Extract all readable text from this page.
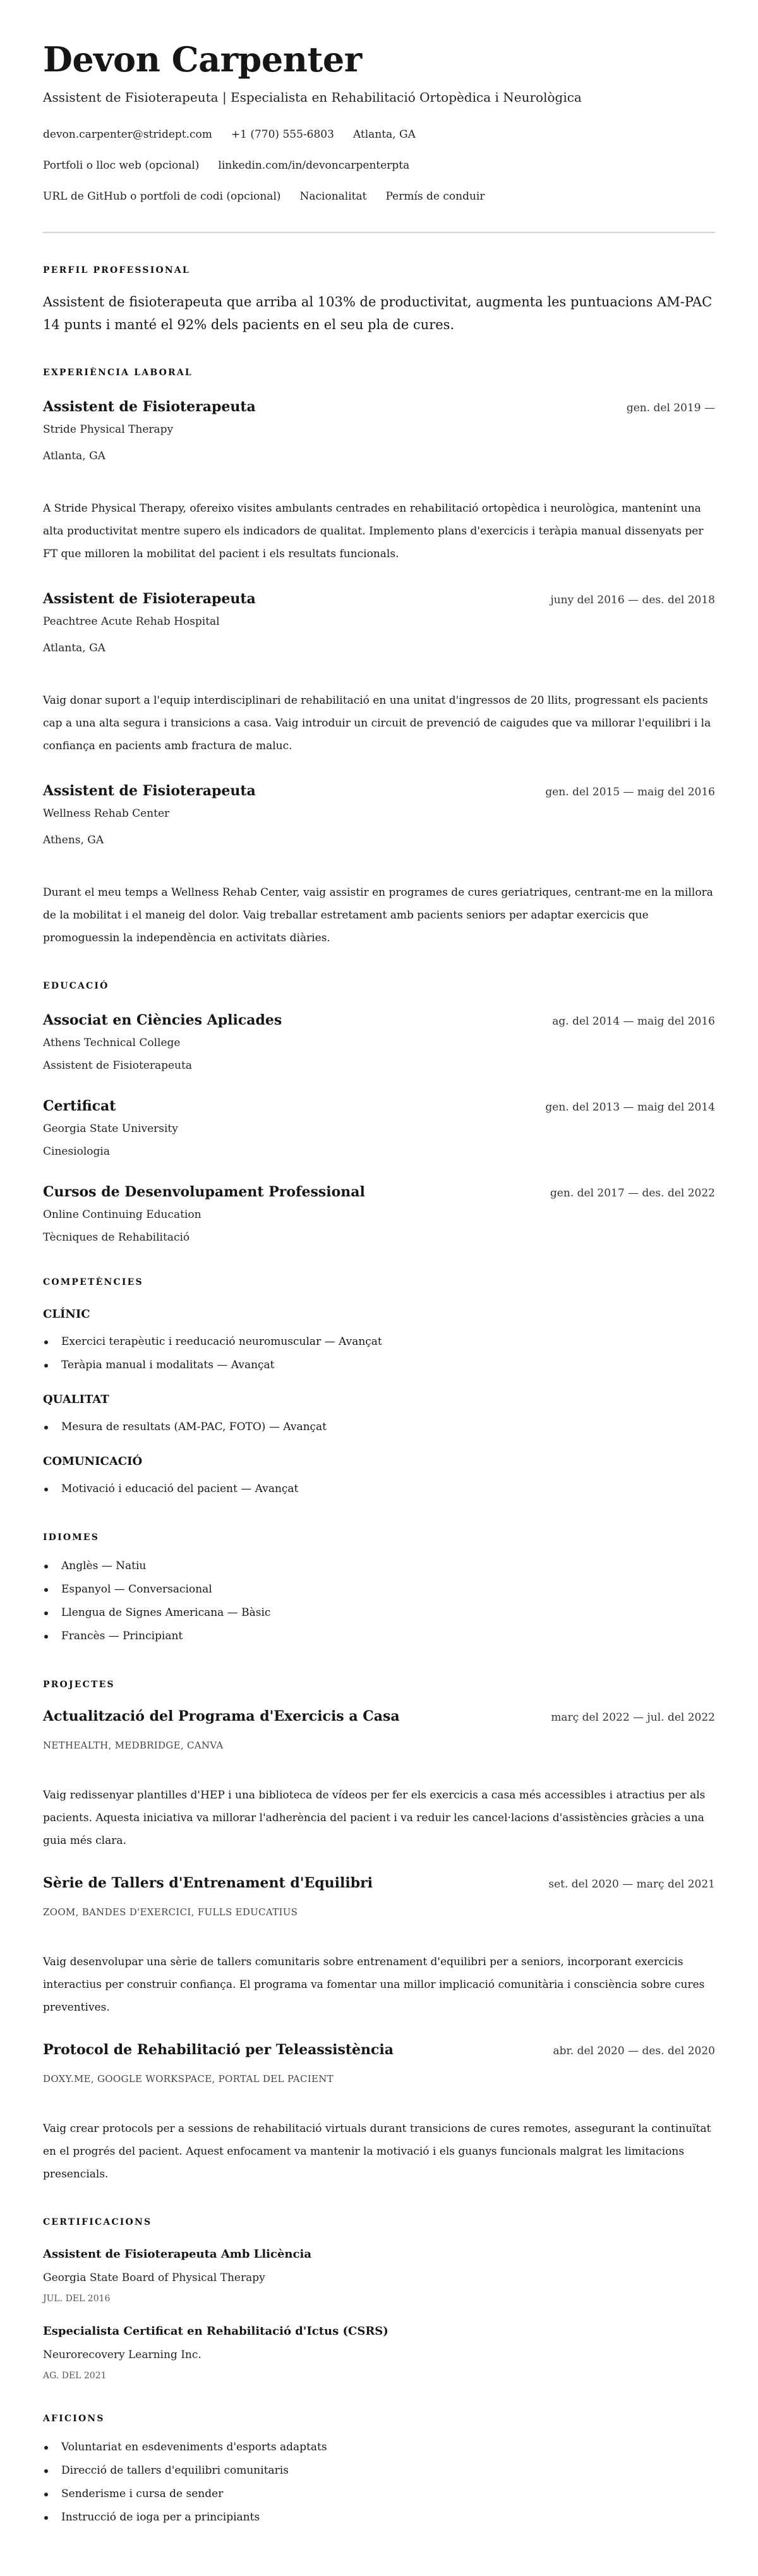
Devon Carpenter
Assistent de Fisioterapeuta | Especialista en Rehabilitació Ortopèdica i Neurològica
devon.carpenter@stridept.com +1 (770) 555-6803 Atlanta, GA
Portfoli o lloc web (opcional) linkedin.com/in/devoncarpenterpta
URL de GitHub o portfoli de codi (opcional) Nacionalitat Permís de conduir
PERFIL PROFESSIONAL
Assistent de fisioterapeuta que arriba al 103% de productivitat, augmenta les puntuacions AM-PAC 14 punts i manté el 92% dels pacients en el seu pla de cures.
EXPERIÈNCIA LABORAL
Assistent de Fisioterapeuta	gen. del 2019 —
Stride Physical Therapy
Atlanta, GA
A Stride Physical Therapy, ofereixo visites ambulants centrades en rehabilitació ortopèdica i neurològica, mantenint una alta productivitat mentre supero els indicadors de qualitat. Implemento plans d'exercicis i teràpia manual dissenyats per FT que milloren la mobilitat del pacient i els resultats funcionals.
Assistent de Fisioterapeuta	juny del 2016 — des. del 2018
Peachtree Acute Rehab Hospital
Atlanta, GA
Vaig donar suport a l'equip interdisciplinari de rehabilitació en una unitat d'ingressos de 20 llits, progressant els pacients cap a una alta segura i transicions a casa. Vaig introduir un circuit de prevenció de caigudes que va millorar l'equilibri i la confiança en pacients amb fractura de maluc.
Assistent de Fisioterapeuta	gen. del 2015 — maig del 2016
Wellness Rehab Center
Athens, GA
Durant el meu temps a Wellness Rehab Center, vaig assistir en programes de cures geriatriques, centrant-me en la millora de la mobilitat i el maneig del dolor. Vaig treballar estretament amb pacients seniors per adaptar exercicis que promoguessin la independència en activitats diàries.
EDUCACIÓ
Associat en Ciències Aplicades	ag. del 2014 — maig del 2016
Athens Technical College
Assistent de Fisioterapeuta
Certificat	gen. del 2013 — maig del 2014
Georgia State University
Cinesiologia
Cursos de Desenvolupament Professional	gen. del 2017 — des. del 2022
Online Continuing Education
Tècniques de Rehabilitació
COMPETÈNCIES
CLÍNIC
Exercici terapèutic i reeducació neuromuscular — Avançat
Teràpia manual i modalitats — Avançat
QUALITAT
Mesura de resultats (AM-PAC, FOTO) — Avançat
COMUNICACIÓ
Motivació i educació del pacient — Avançat
IDIOMES
Anglès — Natiu
Espanyol — Conversacional
Llengua de Signes Americana — Bàsic
Francès — Principiant
PROJECTES
Actualització del Programa d'Exercicis a Casa	març del 2022 — jul. del 2022
NETHEALTH, MEDBRIDGE, CANVA
Vaig redissenyar plantilles d'HEP i una biblioteca de vídeos per fer els exercicis a casa més accessibles i atractius per als pacients. Aquesta iniciativa va millorar l'adherència del pacient i va reduir les cancel·lacions d'assistències gràcies a una guia més clara.
Sèrie de Tallers d'Entrenament d'Equilibri	set. del 2020 — març del 2021
ZOOM, BANDES D'EXERCICI, FULLS EDUCATIUS
Vaig desenvolupar una sèrie de tallers comunitaris sobre entrenament d'equilibri per a seniors, incorporant exercicis interactius per construir confiança. El programa va fomentar una millor implicació comunitària i consciència sobre cures preventives.
Protocol de Rehabilitació per Teleassistència	abr. del 2020 — des. del 2020
DOXY.ME, GOOGLE WORKSPACE, PORTAL DEL PACIENT
Vaig crear protocols per a sessions de rehabilitació virtuals durant transicions de cures remotes, assegurant la continuïtat en el progrés del pacient. Aquest enfocament va mantenir la motivació i els guanys funcionals malgrat les limitacions presencials.
CERTIFICACIONS
Assistent de Fisioterapeuta Amb Llicència
Georgia State Board of Physical Therapy
JUL. DEL 2016
Especialista Certificat en Rehabilitació d'Ictus (CSRS)
Neurorecovery Learning Inc.
AG. DEL 2021
AFICIONS
Voluntariat en esdeveniments d'esports adaptats
Direcció de tallers d'equilibri comunitaris
Senderisme i cursa de sender
Instrucció de ioga per a principiants
